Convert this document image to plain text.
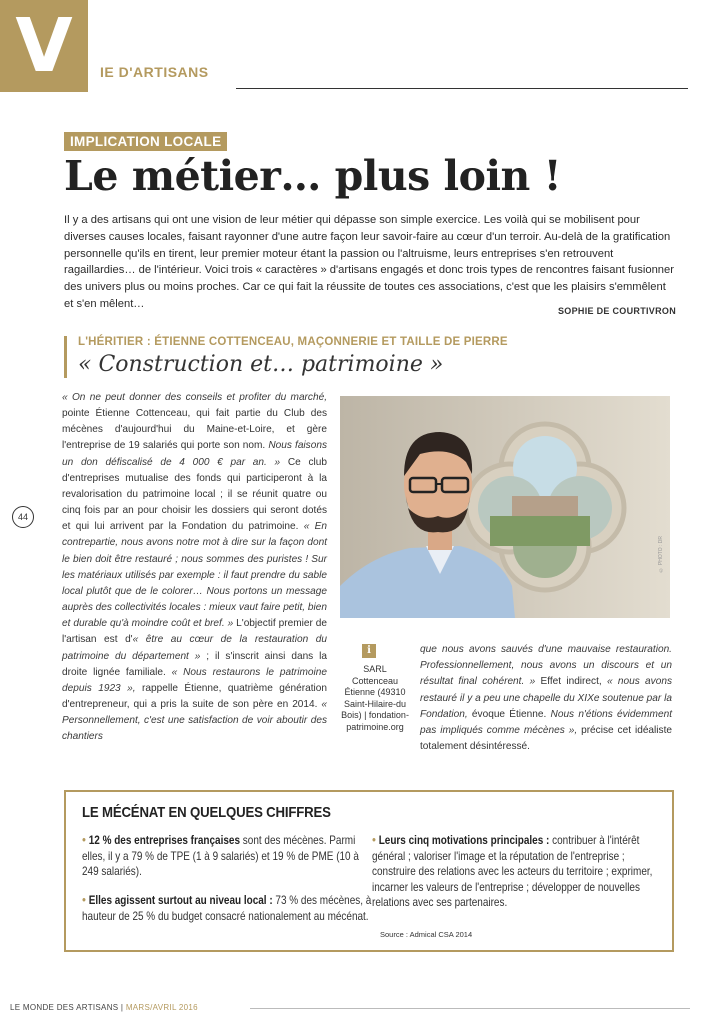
V	IE D'ARTISANS
IMPLICATION LOCALE
Le métier… plus loin !

Il y a des artisans qui ont une vision de leur métier qui dépasse son simple exercice. Les voilà qui se mobilisent pour diverses causes locales, faisant rayonner d'une autre façon leur savoir-faire au cœur d'un terroir. Au-delà de la gratification personnelle qu'ils en tirent, leur premier moteur étant la passion ou l'altruisme, leurs entreprises s'en retrouvent ragaillardies… de l'intérieur. Voici trois « caractères » d'artisans engagés et donc trois types de rencontres faisant fusionner des univers plus ou moins proches. Car ce qui fait la réussite de toutes ces associations, c'est que les plaisirs s'emmêlent et s'en mêlent…

SOPHIE DE COURTIVRON
L'HÉRITIER : ÉTIENNE COTTENCEAU, MAÇONNERIE ET TAILLE DE PIERRE
« Construction et… patrimoine »
44

« On ne peut donner des conseils et profiter du marché, pointe Étienne Cottenceau, qui fait partie du Club des mécènes d'aujourd'hui du Maine-et-Loire, et gère l'entreprise de 19 salariés qui porte son nom. Nous faisons un don défiscalisé de 4 000 € par an. » Ce club d'entreprises mutualise des fonds qui participeront à la revalorisation du patrimoine local ; il se réunit quatre ou cinq fois par an pour choisir les dossiers qui seront dotés et qui lui arrivent par la Fondation du patrimoine. « En contrepartie, nous avons notre mot à dire sur la façon dont le bien doit être restauré ; nous sommes des puristes ! Sur les matériaux utilisés par exemple : il faut prendre du sable local plutôt que de le colorer… Nous portons un message auprès des collectivités locales : mieux vaut faire petit, bien et durable qu'à moindre coût et bref. » L'objectif premier de l'artisan est d'« être au cœur de la restauration du patrimoine du département » ; il s'inscrit ainsi dans la droite lignée familiale. « Nous restaurons le patrimoine depuis 1923 », rappelle Étienne, quatrième génération d'entrepreneur, qui a pris la suite de son père en 2014. « Personnellement, c'est une satisfaction de voir aboutir des chantiers

© PHOTO : DR
i

SARL Cottenceau Étienne (49310 Saint-Hilaire-du Bois) | fondation-patrimoine.org

que nous avons sauvés d'une mauvaise restauration. Professionnellement, nous avons un discours et un résultat final cohérent. » Effet indirect, « nous avons restauré il y a peu une chapelle du XIXe soutenue par la Fondation, évoque Étienne. Nous n'étions évidemment pas impliqués comme mécènes », précise cet idéaliste totalement désintéressé.

LE MÉCÉNAT EN QUELQUES CHIFFRES
• 12 % des entreprises françaises sont des mécènes. Parmi elles, il y a 79 % de TPE (1 à 9 salariés) et 19 % de PME (10 à 249 salariés).
• Elles agissent surtout au niveau local : 73 % des mécènes, à hauteur de 25 % du budget consacré nationalement au mécénat.
• Leurs cinq motivations principales : contribuer à l'intérêt général ; valoriser l'image et la réputation de l'entreprise ; construire des relations avec les acteurs du territoire ; exprimer, incarner les valeurs de l'entreprise ; développer de nouvelles relations avec ses partenaires.
Source : Admical CSA 2014
LE MONDE DES ARTISANS | MARS/AVRIL 2016
